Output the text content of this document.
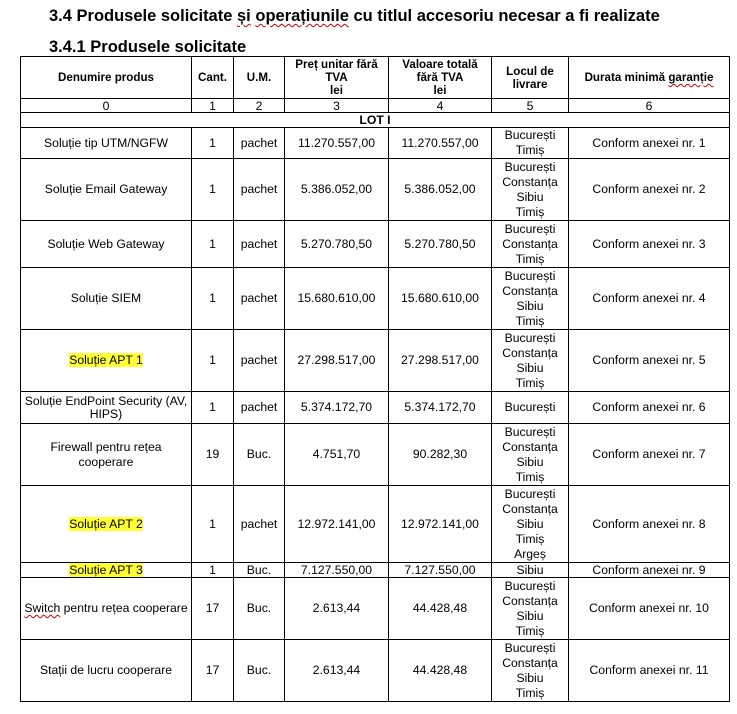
3.4 Produsele solicitate și operațiunile cu titlul accesoriu necesar a fi realizate
3.4.1 Produsele solicitate
Denumire produs	Cant.	U.M.	Preț unitar fără
TVA
lei	Valoare totală
fără TVA
lei	Locul de
livrare	Durata minimă garanție
0	1	2	3	4	5	6
LOT I						
Soluție tip UTM/NGFW	1	pachet	11.270.557,00	11.270.557,00	București
Timiș	Conform anexei nr. 1
Soluție Email Gateway	1	pachet	5.386.052,00	5.386.052,00	București
Constanța
Sibiu
Timiș	Conform anexei nr. 2
Soluție Web Gateway	1	pachet	5.270.780,50	5.270.780,50	București
Constanța
Timiș	Conform anexei nr. 3
Soluție SIEM	1	pachet	15.680.610,00	15.680.610,00	București
Constanța
Sibiu
Timiș	Conform anexei nr. 4
Soluție APT 1	1	pachet	27.298.517,00	27.298.517,00	București
Constanța
Sibiu
Timiș	Conform anexei nr. 5
Soluție EndPoint Security (AV, HIPS)	1	pachet	5.374.172,70	5.374.172,70	București	Conform anexei nr. 6
Firewall pentru rețea cooperare	19	Buc.	4.751,70	90.282,30	București
Constanța
Sibiu
Timiș	Conform anexei nr. 7
Soluție APT 2	1	pachet	12.972.141,00	12.972.141,00	București
Constanța
Sibiu
Timiș
Argeș	Conform anexei nr. 8
Soluție APT 3	1	Buc.	7.127.550,00	7.127.550,00	Sibiu	Conform anexei nr. 9
Switch pentru rețea cooperare	17	Buc.	2.613,44	44.428,48	București
Constanța
Sibiu
Timiș	Conform anexei nr. 10
Stații de lucru cooperare	17	Buc.	2.613,44	44.428,48	București
Constanța
Sibiu
Timiș	Conform anexei nr. 11
